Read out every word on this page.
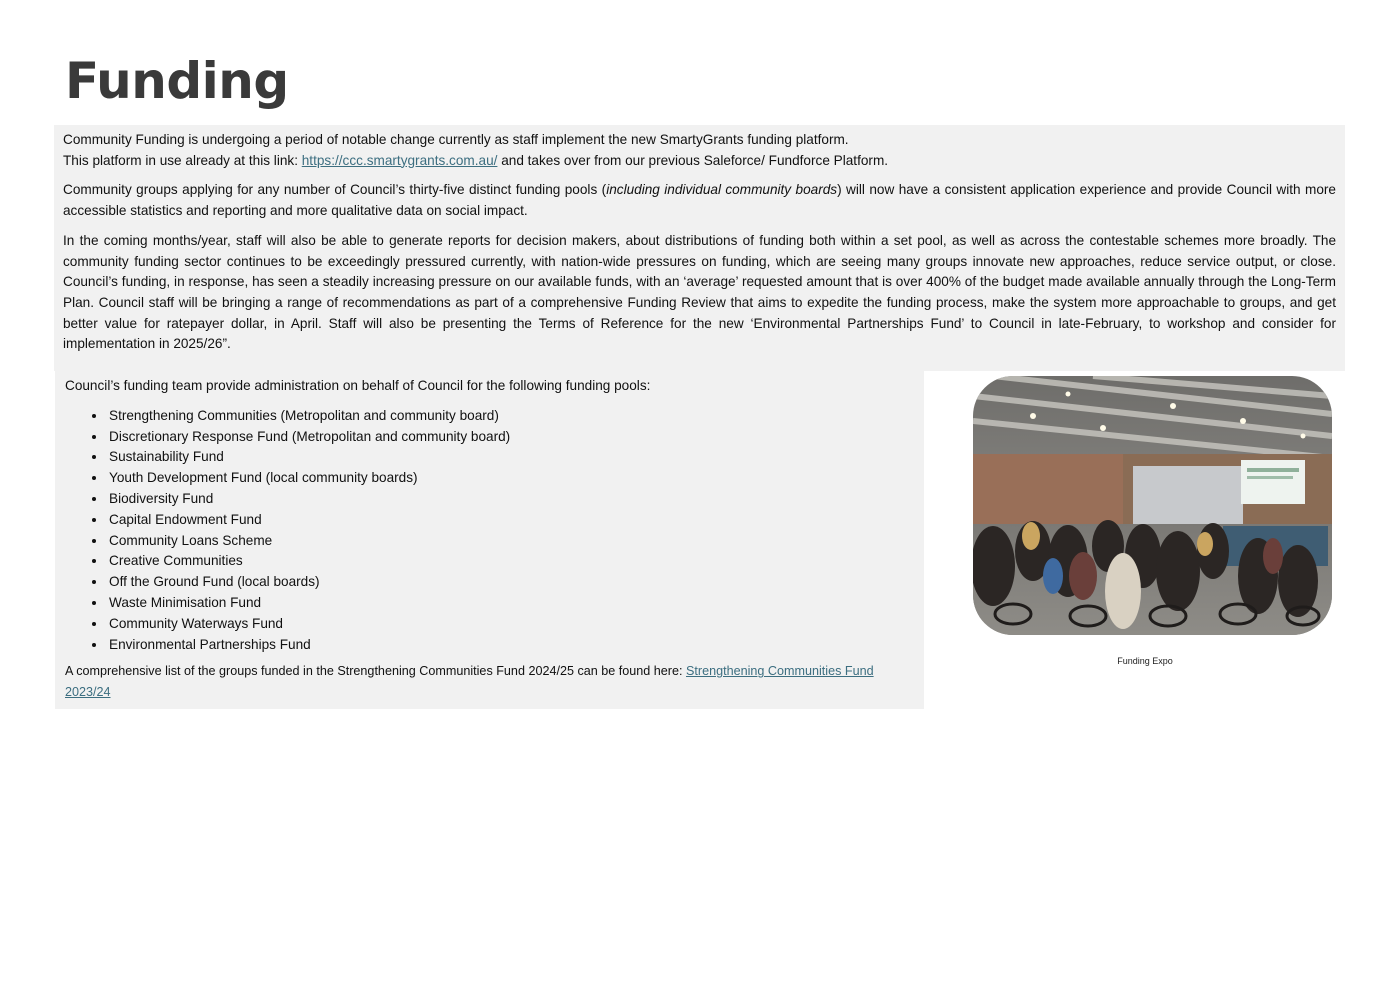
Funding

Community Funding is undergoing a period of notable change currently as staff implement the new SmartyGrants funding platform.

This platform in use already at this link: https://ccc.smartygrants.com.au/ and takes over from our previous Saleforce/ Fundforce Platform.

Community groups applying for any number of Council’s thirty-five distinct funding pools (including individual community boards) will now have a consistent application experience and provide Council with more accessible statistics and reporting and more qualitative data on social impact.

In the coming months/year, staff will also be able to generate reports for decision makers, about distributions of funding both within a set pool, as well as across the contestable schemes more broadly. The community funding sector continues to be exceedingly pressured currently, with nation-wide pressures on funding, which are seeing many groups innovate new approaches, reduce service output, or close. Council’s funding, in response, has seen a steadily increasing pressure on our available funds, with an ‘average’ requested amount that is over 400% of the budget made available annually through the Long-Term Plan. Council staff will be bringing a range of recommendations as part of a comprehensive Funding Review that aims to expedite the funding process, make the system more approachable to groups, and get better value for ratepayer dollar, in April. Staff will also be presenting the Terms of Reference for the new ‘Environmental Partnerships Fund’ to Council in late-February, to workshop and consider for implementation in 2025/26”.

Council’s funding team provide administration on behalf of Council for the following funding pools:

• Strengthening Communities (Metropolitan and community board)
• Discretionary Response Fund (Metropolitan and community board)
• Sustainability Fund
• Youth Development Fund (local community boards)
• Biodiversity Fund
• Capital Endowment Fund
• Community Loans Scheme
• Creative Communities
• Off the Ground Fund (local boards)
• Waste Minimisation Fund
• Community Waterways Fund
• Environmental Partnerships Fund

A comprehensive list of the groups funded in the Strengthening Communities Fund 2024/25 can be found here: Strengthening Communities Fund 2023/24

Funding Expo
